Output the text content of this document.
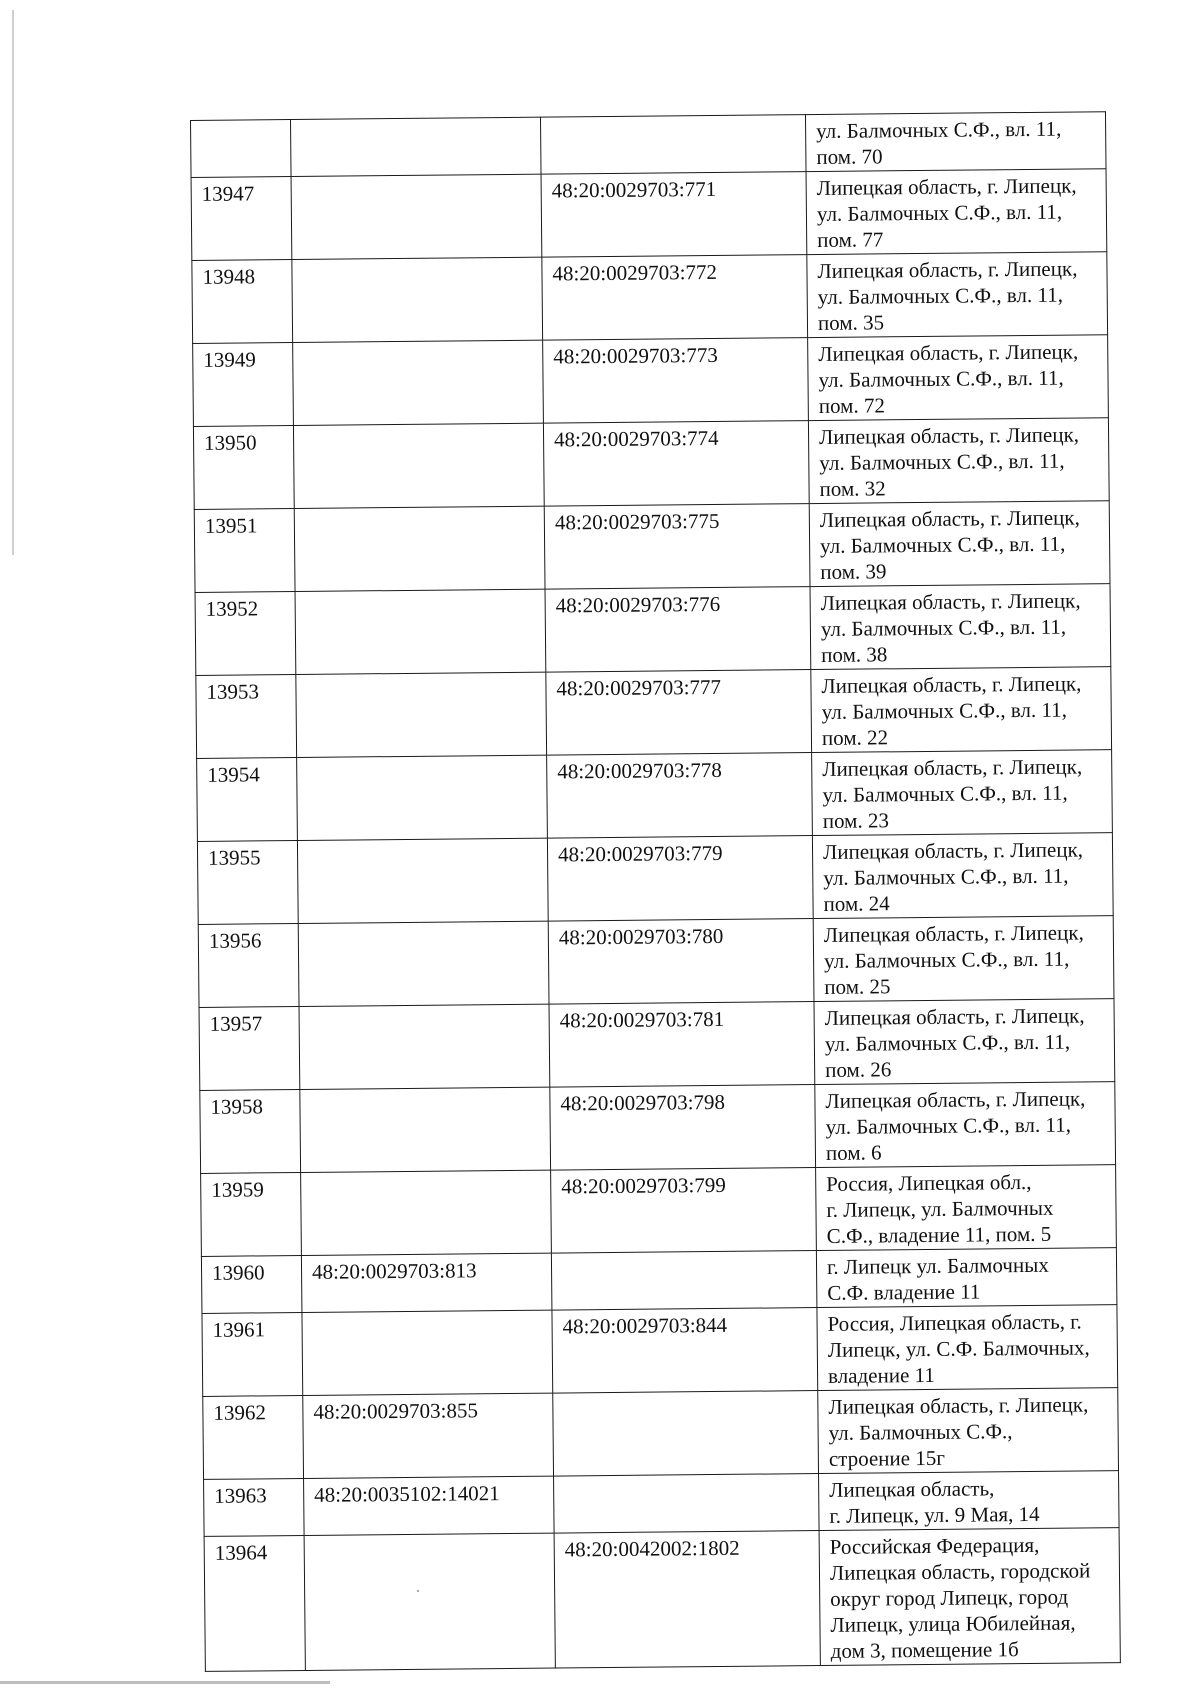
			ул. Балмочных С.Ф., вл. 11,
пом. 70

13947		48:20:0029703:771	Липецкая область, г. Липецк,
ул. Балмочных С.Ф., вл. 11,
пом. 77

13948		48:20:0029703:772	Липецкая область, г. Липецк,
ул. Балмочных С.Ф., вл. 11,
пом. 35

13949		48:20:0029703:773	Липецкая область, г. Липецк,
ул. Балмочных С.Ф., вл. 11,
пом. 72

13950		48:20:0029703:774	Липецкая область, г. Липецк,
ул. Балмочных С.Ф., вл. 11,
пом. 32

13951		48:20:0029703:775	Липецкая область, г. Липецк,
ул. Балмочных С.Ф., вл. 11,
пом. 39

13952		48:20:0029703:776	Липецкая область, г. Липецк,
ул. Балмочных С.Ф., вл. 11,
пом. 38

13953		48:20:0029703:777	Липецкая область, г. Липецк,
ул. Балмочных С.Ф., вл. 11,
пом. 22

13954		48:20:0029703:778	Липецкая область, г. Липецк,
ул. Балмочных С.Ф., вл. 11,
пом. 23

13955		48:20:0029703:779	Липецкая область, г. Липецк,
ул. Балмочных С.Ф., вл. 11,
пом. 24

13956		48:20:0029703:780	Липецкая область, г. Липецк,
ул. Балмочных С.Ф., вл. 11,
пом. 25

13957		48:20:0029703:781	Липецкая область, г. Липецк,
ул. Балмочных С.Ф., вл. 11,
пом. 26

13958		48:20:0029703:798	Липецкая область, г. Липецк,
ул. Балмочных С.Ф., вл. 11,
пом. 6

13959		48:20:0029703:799	Россия, Липецкая обл.,
г. Липецк, ул. Балмочных
С.Ф., владение 11, пом. 5

13960	48:20:0029703:813		г. Липецк ул. Балмочных
С.Ф. владение 11

13961		48:20:0029703:844	Россия, Липецкая область, г.
Липецк, ул. С.Ф. Балмочных,
владение 11

13962	48:20:0029703:855		Липецкая область, г. Липецк,
ул. Балмочных С.Ф.,
строение 15г

13963	48:20:0035102:14021		Липецкая область,
г. Липецк, ул. 9 Мая, 14

13964		48:20:0042002:1802	Российская Федерация,
Липецкая область, городской
округ город Липецк, город
Липецк, улица Юбилейная,
дом 3, помещение 1б
